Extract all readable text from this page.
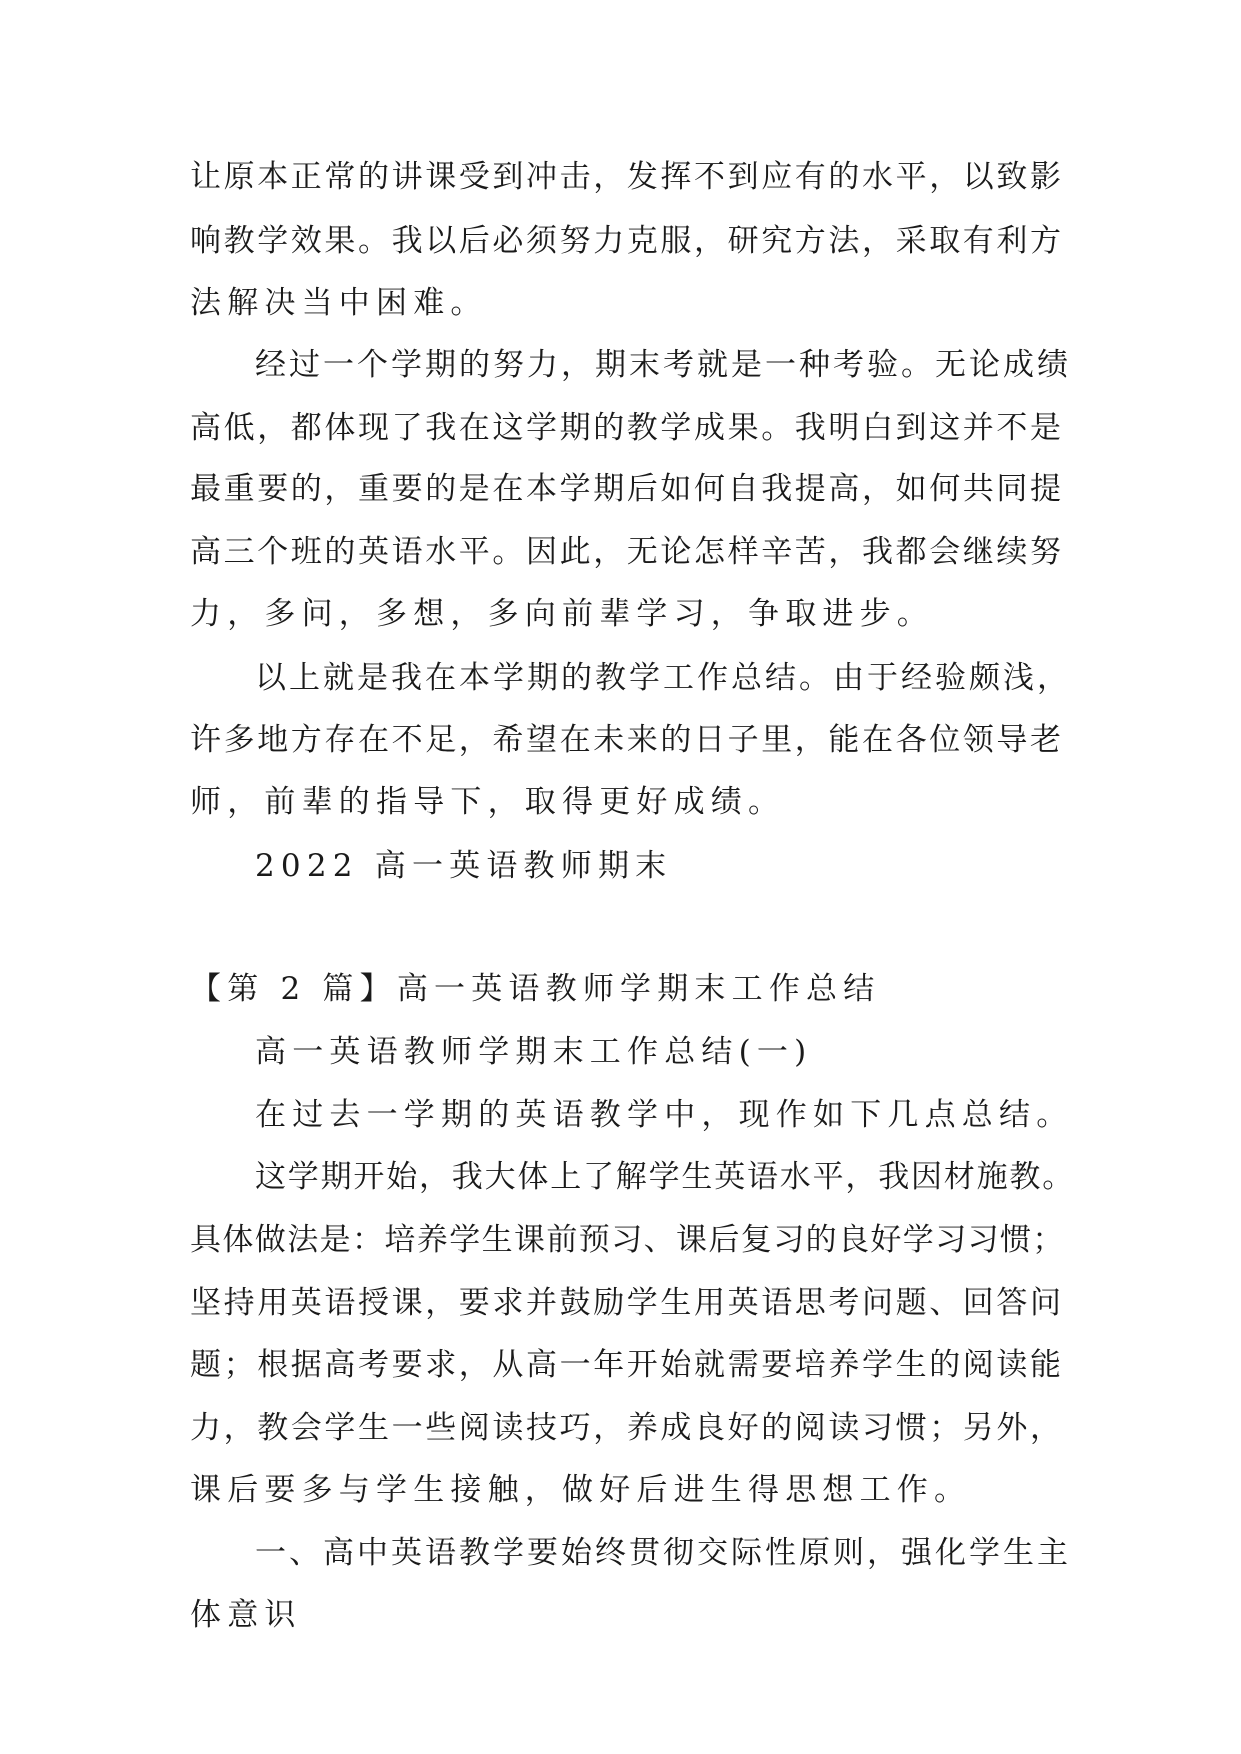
让原本正常的讲课受到冲击，发挥不到应有的水平，以致影
响教学效果。我以后必须努力克服，研究方法，采取有利方
法解决当中困难。
经过一个学期的努力，期末考就是一种考验。无论成绩
高低，都体现了我在这学期的教学成果。我明白到这并不是
最重要的，重要的是在本学期后如何自我提高，如何共同提
高三个班的英语水平。因此，无论怎样辛苦，我都会继续努
力，多问，多想，多向前辈学习，争取进步。
以上就是我在本学期的教学工作总结。由于经验颇浅，
许多地方存在不足，希望在未来的日子里，能在各位领导老
师，前辈的指导下，取得更好成绩。
2022 高一英语教师期末
【第 2 篇】高一英语教师学期末工作总结
高一英语教师学期末工作总结(一)
在过去一学期的英语教学中，现作如下几点总结。
这学期开始，我大体上了解学生英语水平，我因材施教。
具体做法是：培养学生课前预习、课后复习的良好学习习惯；
坚持用英语授课，要求并鼓励学生用英语思考问题、回答问
题；根据高考要求，从高一年开始就需要培养学生的阅读能
力，教会学生一些阅读技巧，养成良好的阅读习惯；另外，
课后要多与学生接触，做好后进生得思想工作。
一、高中英语教学要始终贯彻交际性原则，强化学生主
体意识
